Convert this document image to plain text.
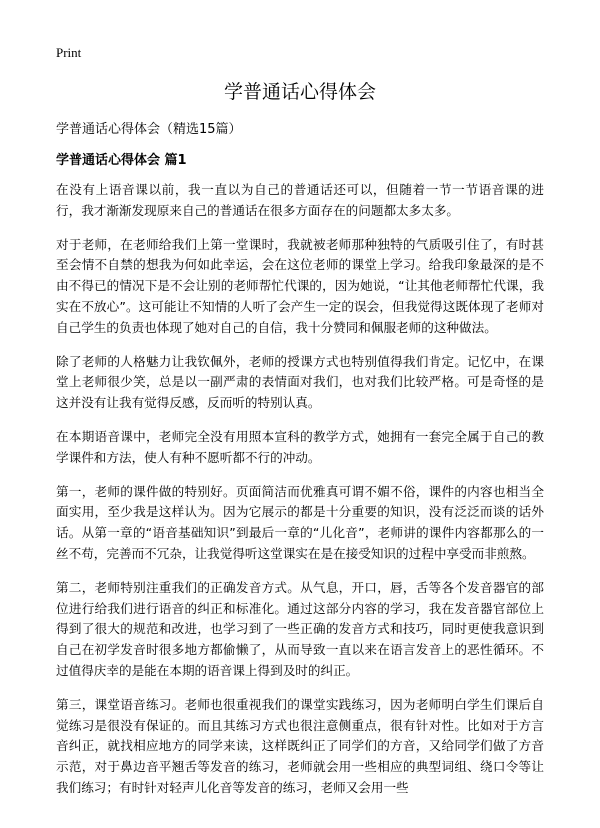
Print
学普通话心得体会
学普通话心得体会（精选15篇）
学普通话心得体会 篇1

在没有上语音课以前，我一直以为自己的普通话还可以，但随着一节一节语音课的进行，我才渐渐发现原来自己的普通话在很多方面存在的问题都太多太多。

对于老师，在老师给我们上第一堂课时，我就被老师那种独特的气质吸引住了，有时甚至会情不自禁的想我为何如此幸运，会在这位老师的课堂上学习。给我印象最深的是不由不得已的情况下是不会让别的老师帮忙代课的，因为她说，“让其他老师帮忙代课，我实在不放心”。这可能让不知情的人听了会产生一定的误会，但我觉得这既体现了老师对自己学生的负责也体现了她对自己的自信，我十分赞同和佩服老师的这种做法。

除了老师的人格魅力让我钦佩外，老师的授课方式也特别值得我们肯定。记忆中，在课堂上老师很少笑，总是以一副严肃的表情面对我们，也对我们比较严格。可是奇怪的是这并没有让我有觉得反感，反而听的特别认真。

在本期语音课中，老师完全没有用照本宣科的教学方式，她拥有一套完全属于自己的教学课件和方法，使人有种不愿听都不行的冲动。

第一，老师的课件做的特别好。页面简洁而优雅真可谓不媚不俗，课件的内容也相当全面实用，至少我是这样认为。因为它展示的都是十分重要的知识，没有泛泛而谈的话外话。从第一章的“语音基础知识”到最后一章的“儿化音”，老师讲的课件内容都那么的一丝不苟，完善而不冗杂，让我觉得听这堂课实在是在接受知识的过程中享受而非煎熬。

第二，老师特别注重我们的正确发音方式。从气息，开口，唇，舌等各个发音器官的部位进行给我们进行语音的纠正和标准化。通过这部分内容的学习，我在发音器官部位上得到了很大的规范和改进，也学习到了一些正确的发音方式和技巧，同时更使我意识到自己在初学发音时很多地方都偷懒了，从而导致一直以来在语言发音上的恶性循环。不过值得庆幸的是能在本期的语音课上得到及时的纠正。

第三，课堂语音练习。老师也很重视我们的课堂实践练习，因为老师明白学生们课后自觉练习是很没有保证的。而且其练习方式也很注意侧重点，很有针对性。比如对于方言音纠正，就找相应地方的同学来读，这样既纠正了同学们的方音，又给同学们做了方音示范，对于鼻边音平翘舌等发音的练习，老师就会用一些相应的典型词组、绕口令等让我们练习；有时针对轻声儿化音等发音的练习，老师又会用一些
